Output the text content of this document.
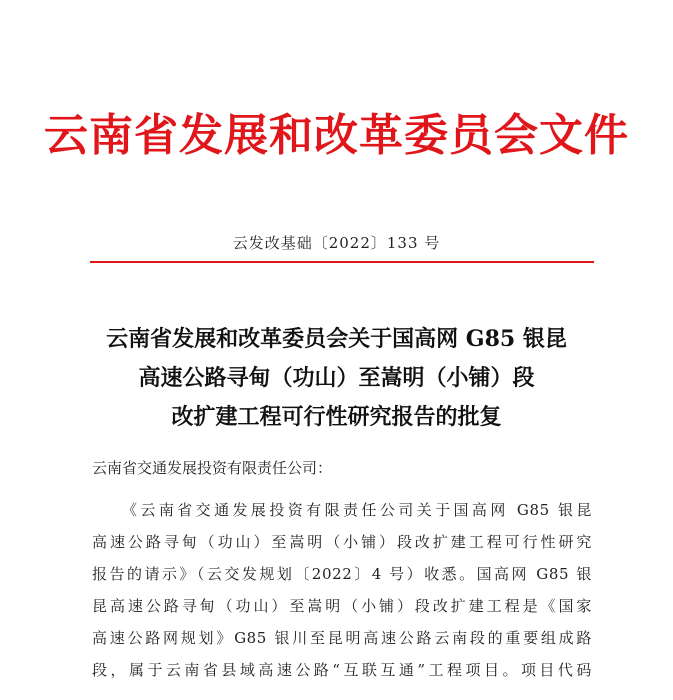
云南省发展和改革委员会文件
云发改基础〔2022〕133 号
云南省发展和改革委员会关于国高网 G85 银昆
高速公路寻甸（功山）至嵩明（小铺）段
改扩建工程可行性研究报告的批复
云南省交通发展投资有限责任公司：
《云南省交通发展投资有限责任公司关于国高网 G85 银昆
高速公路寻甸（功山）至嵩明（小铺）段改扩建工程可行性研究
报告的请示》（云交发规划〔2022〕4 号）收悉。国高网 G85 银
昆高速公路寻甸（功山）至嵩明（小铺）段改扩建工程是《国家
高速公路网规划》G85 银川至昆明高速公路云南段的重要组成路
段，属于云南省县域高速公路“互联互通”工程项目。项目代码
